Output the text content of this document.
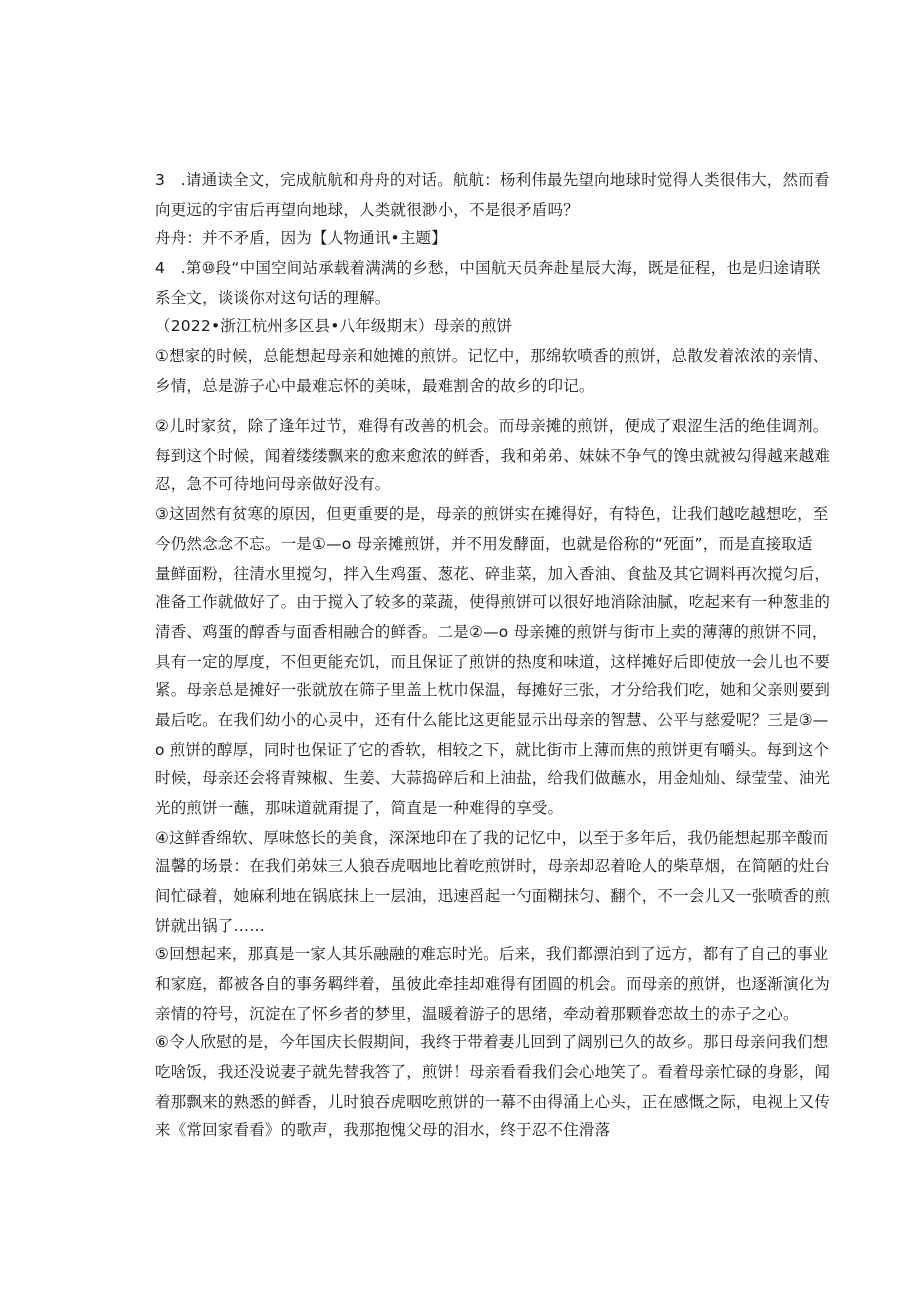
3　.请通读全文，完成航航和舟舟的对话。航航：杨利伟最先望向地球时觉得人类很伟大，然而看
向更远的宇宙后再望向地球，人类就很渺小，不是很矛盾吗？
舟舟：并不矛盾，因为【人物通讯•主题】
4　.第⑩段“中国空间站承载着满满的乡愁，中国航天员奔赴星辰大海，既是征程，也是归途请联
系全文，谈谈你对这句话的理解。
（2022•浙江杭州多区县•八年级期末）母亲的煎饼
①想家的时候，总能想起母亲和她摊的煎饼。记忆中，那绵软喷香的煎饼，总散发着浓浓的亲情、
乡情，总是游子心中最难忘怀的美味，最难割舍的故乡的印记。
②儿时家贫，除了逢年过节，难得有改善的机会。而母亲摊的煎饼，便成了艰涩生活的绝佳调剂。
每到这个时候，闻着缕缕飘来的愈来愈浓的鲜香，我和弟弟、妹妹不争气的馋虫就被勾得越来越难
忍，急不可待地问母亲做好没有。
③这固然有贫寒的原因，但更重要的是，母亲的煎饼实在摊得好，有特色，让我们越吃越想吃，至
今仍然念念不忘。一是①—o 母亲摊煎饼，并不用发酵面，也就是俗称的“死面”，而是直接取适
量鲜面粉，往清水里搅匀，拌入生鸡蛋、葱花、碎韭菜，加入香油、食盐及其它调料再次搅匀后，
准备工作就做好了。由于搅入了较多的菜蔬，使得煎饼可以很好地消除油腻，吃起来有一种葱韭的
清香、鸡蛋的醇香与面香相融合的鲜香。二是②—o 母亲摊的煎饼与街市上卖的薄薄的煎饼不同，
具有一定的厚度，不但更能充饥，而且保证了煎饼的热度和味道，这样摊好后即使放一会儿也不要
紧。母亲总是摊好一张就放在筛子里盖上枕巾保温，每摊好三张，才分给我们吃，她和父亲则要到
最后吃。在我们幼小的心灵中，还有什么能比这更能显示出母亲的智慧、公平与慈爱呢？三是③—
o 煎饼的醇厚，同时也保证了它的香软，相较之下，就比街市上薄而焦的煎饼更有嚼头。每到这个
时候，母亲还会将青辣椒、生姜、大蒜捣碎后和上油盐，给我们做蘸水，用金灿灿、绿莹莹、油光
光的煎饼一蘸，那味道就甭提了，简直是一种难得的享受。
④这鲜香绵软、厚味悠长的美食，深深地印在了我的记忆中，以至于多年后，我仍能想起那辛酸而
温馨的场景：在我们弟妹三人狼吞虎咽地比着吃煎饼时，母亲却忍着呛人的柴草烟，在简陋的灶台
间忙碌着，她麻利地在锅底抹上一层油，迅速舀起一勺面糊抹匀、翻个，不一会儿又一张喷香的煎
饼就出锅了……
⑤回想起来，那真是一家人其乐融融的难忘时光。后来，我们都漂泊到了远方，都有了自己的事业
和家庭，都被各自的事务羁绊着，虽彼此牵挂却难得有团圆的机会。而母亲的煎饼，也逐渐演化为
亲情的符号，沉淀在了怀乡者的梦里，温暖着游子的思绪，牵动着那颗眷恋故土的赤子之心。
⑥令人欣慰的是，今年国庆长假期间，我终于带着妻儿回到了阔别已久的故乡。那日母亲问我们想
吃啥饭，我还没说妻子就先替我答了，煎饼！母亲看看我们会心地笑了。看着母亲忙碌的身影，闻
着那飘来的熟悉的鲜香，儿时狼吞虎咽吃煎饼的一幕不由得涌上心头，正在感慨之际，电视上又传
来《常回家看看》的歌声，我那抱愧父母的泪水，终于忍不住滑落
